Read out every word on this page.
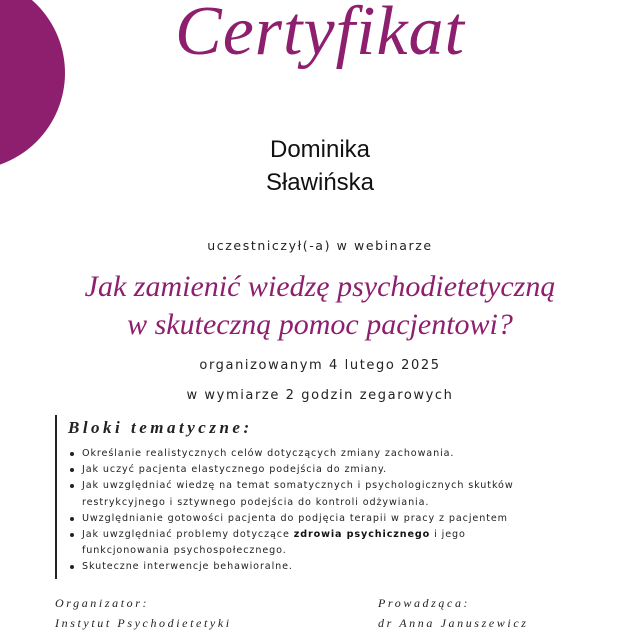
Certyfikat
Dominika
Sławińska
uczestniczył(-a) w webinarze
Jak zamienić wiedzę psychodietetyczną
w skuteczną pomoc pacjentowi?
organizowanym 4 lutego 2025
w wymiarze 2 godzin zegarowych
Bloki tematyczne:
Określanie realistycznych celów dotyczących zmiany zachowania.
Jak uczyć pacjenta elastycznego podejścia do zmiany.
Jak uwzględniać wiedzę na temat somatycznych i psychologicznych skutków restrykcyjnego i sztywnego podejścia do kontroli odżywiania.
Uwzględnianie gotowości pacjenta do podjęcia terapii w pracy z pacjentem
Jak uwzględniać problemy dotyczące zdrowia psychicznego i jego funkcjonowania psychospołecznego.
Skuteczne interwencje behawioralne.
Organizator:
Instytut Psychodietetyki
Prowadząca:
dr Anna Januszewicz
